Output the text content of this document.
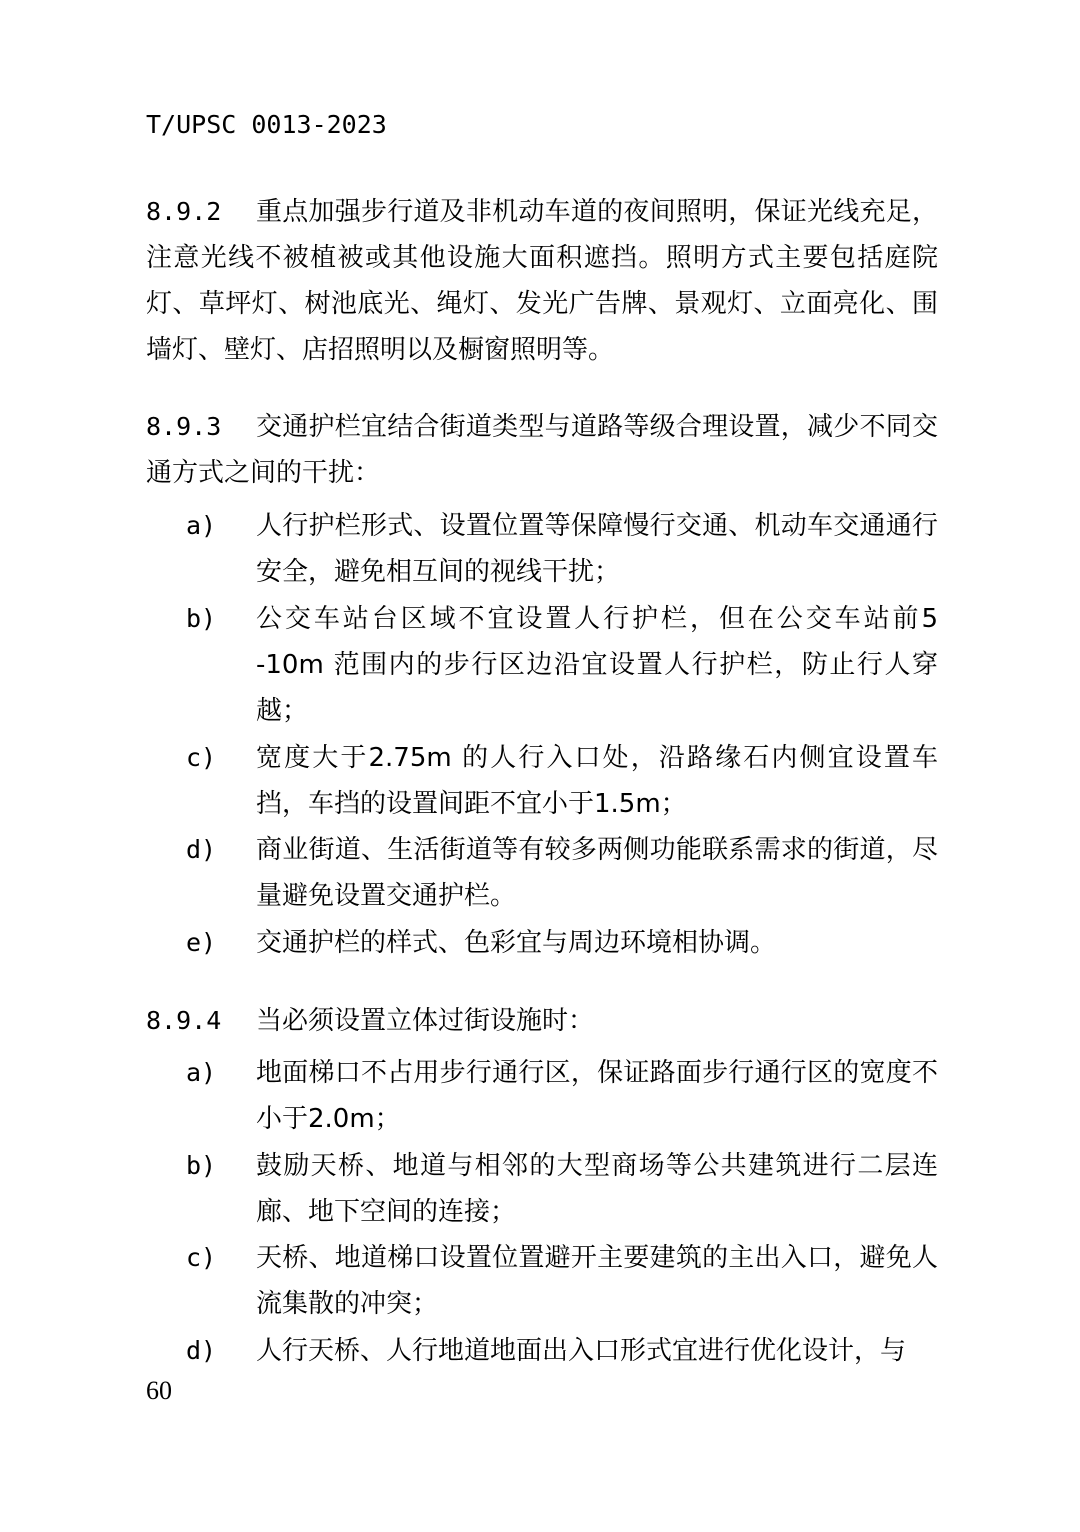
T/UPSC 0013-2023
8.9.2	重点加强步行道及非机动车道的夜间照明，保证光线充足，注意光线不被植被或其他设施大面积遮挡。照明方式主要包括庭院灯、草坪灯、树池底光、绳灯、发光广告牌、景观灯、立面亮化、围墙灯、壁灯、店招照明以及橱窗照明等。
8.9.3	交通护栏宜结合街道类型与道路等级合理设置，减少不同交通方式之间的干扰：
a) 人行护栏形式、设置位置等保障慢行交通、机动车交通通行安全，避免相互间的视线干扰；
b) 公交车站台区域不宜设置人行护栏，但在公交车站前5 -10m 范围内的步行区边沿宜设置人行护栏，防止行人穿越；
c) 宽度大于2.75m 的人行入口处，沿路缘石内侧宜设置车挡，车挡的设置间距不宜小于1.5m；
d) 商业街道、生活街道等有较多两侧功能联系需求的街道，尽量避免设置交通护栏。
e) 交通护栏的样式、色彩宜与周边环境相协调。
8.9.4	当必须设置立体过街设施时：
a) 地面梯口不占用步行通行区，保证路面步行通行区的宽度不小于2.0m；
b) 鼓励天桥、地道与相邻的大型商场等公共建筑进行二层连廊、地下空间的连接；
c) 天桥、地道梯口设置位置避开主要建筑的主出入口，避免人流集散的冲突；
d) 人行天桥、人行地道地面出入口形式宜进行优化设计，与
60
